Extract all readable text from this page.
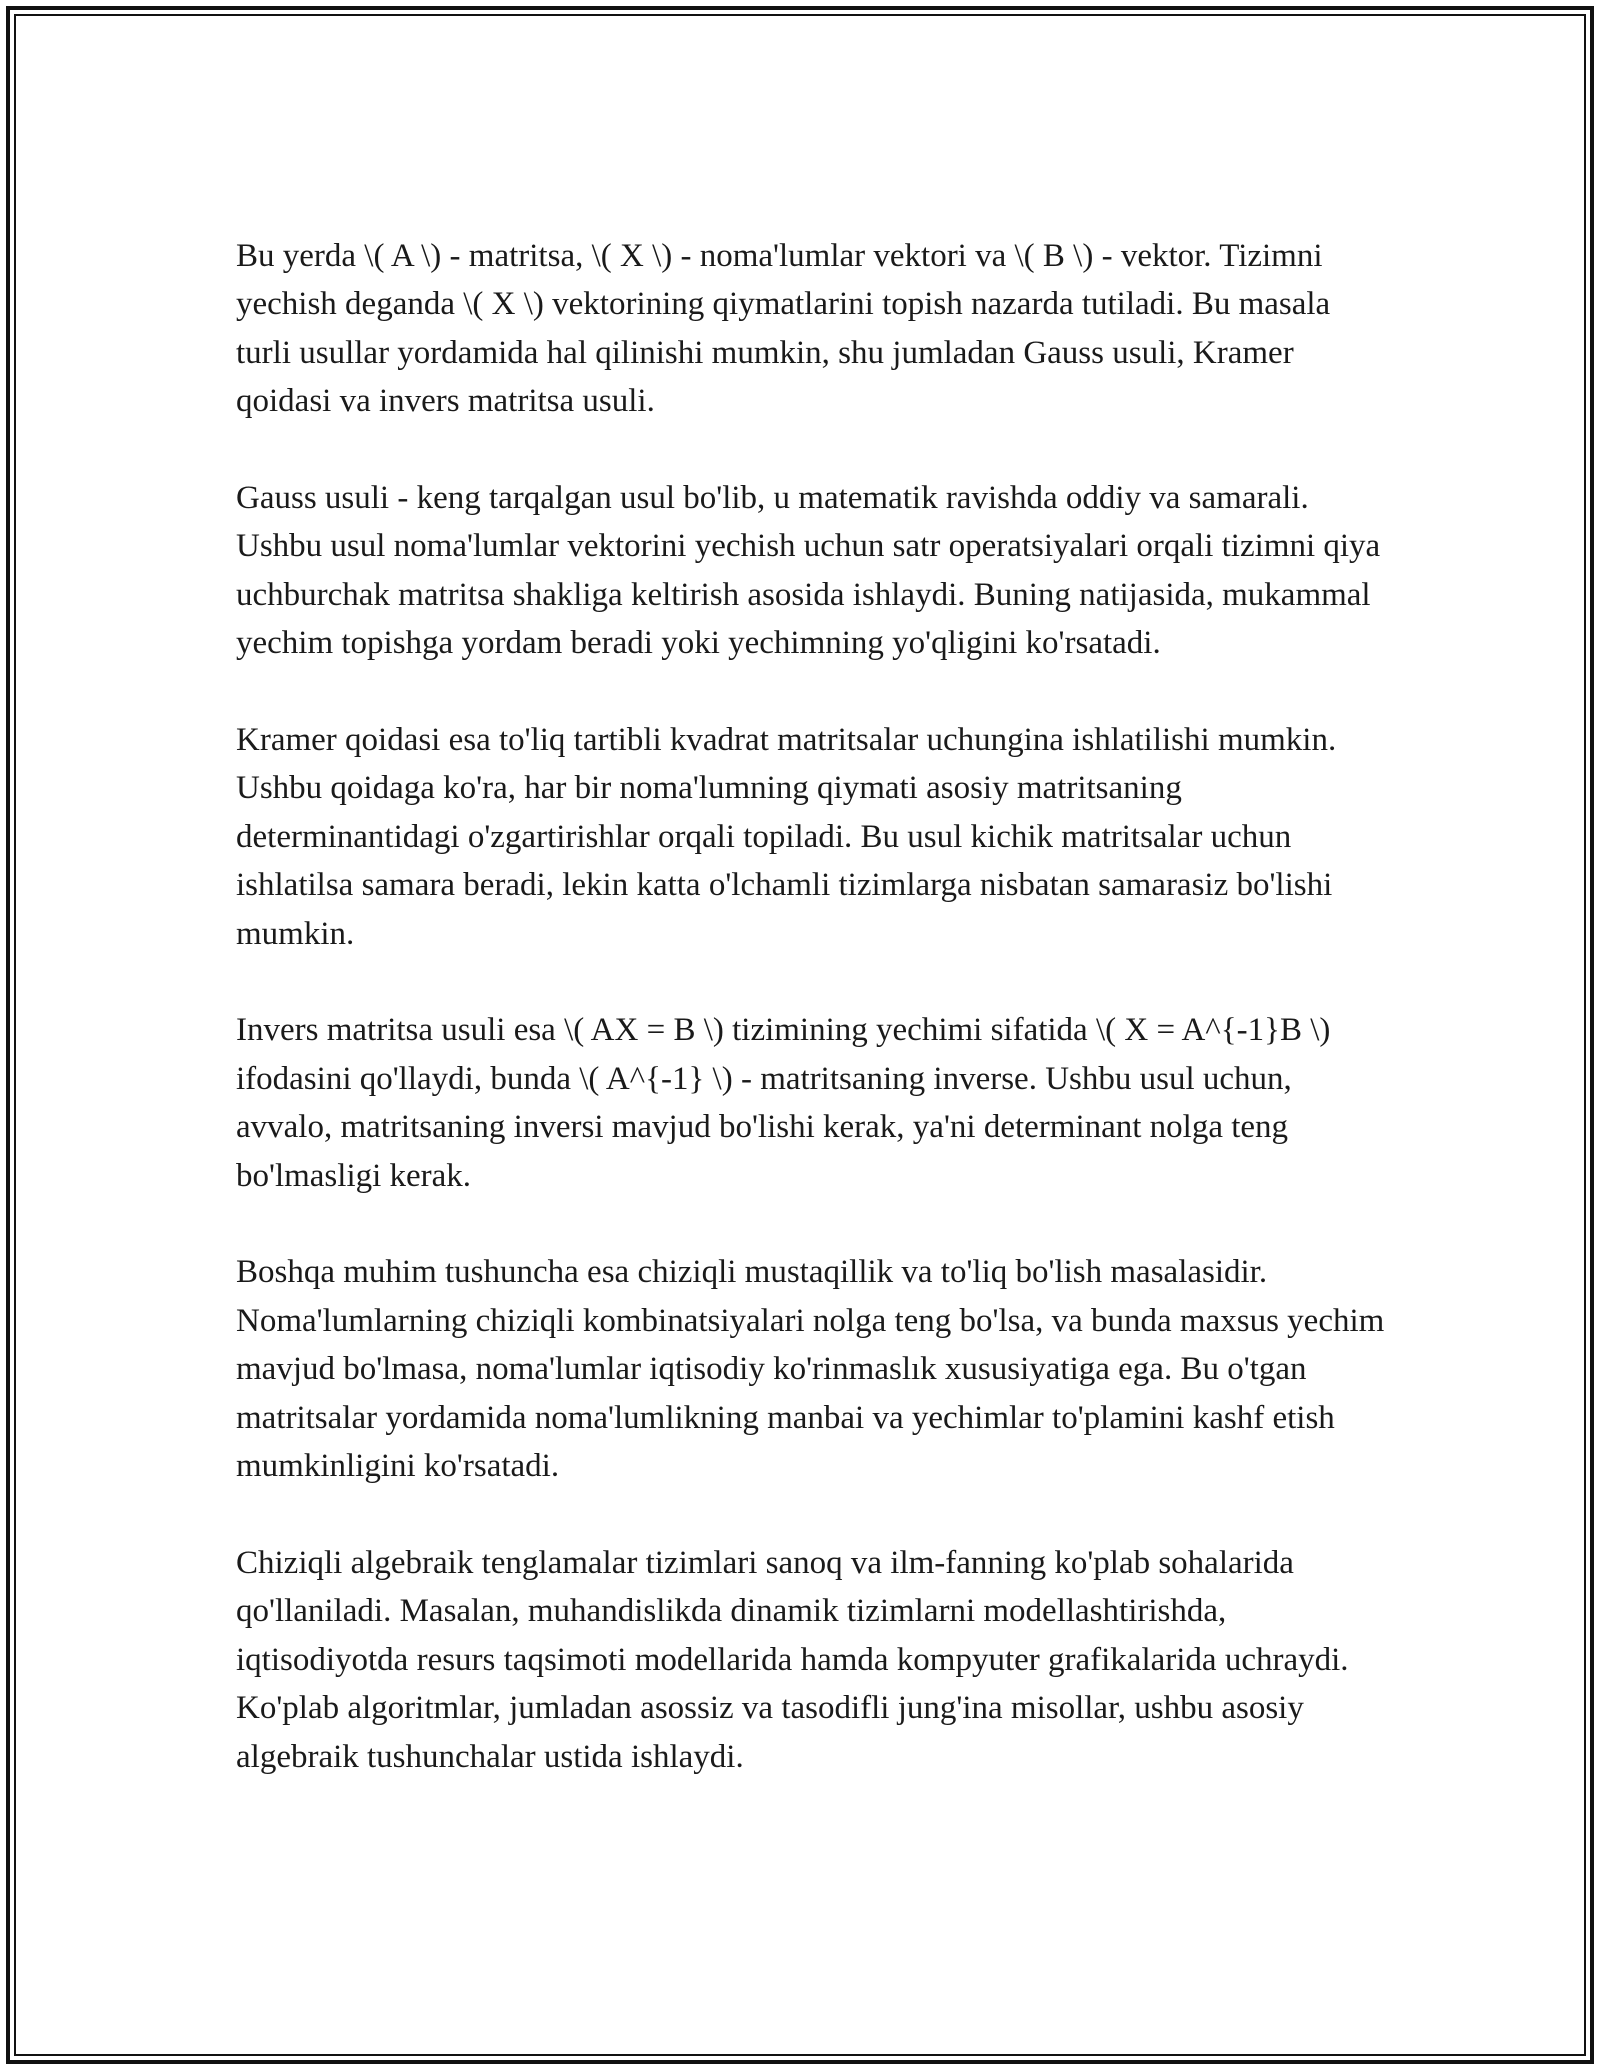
Bu yerda \( A \) - matritsa, \( X \) - noma'lumlar vektori va \( B \) - vektor. Tizimni yechish deganda \( X \) vektorining qiymatlarini topish nazarda tutiladi. Bu masala turli usullar yordamida hal qilinishi mumkin, shu jumladan Gauss usuli, Kramer qoidasi va invers matritsa usuli.

Gauss usuli - keng tarqalgan usul bo'lib, u matematik ravishda oddiy va samarali. Ushbu usul noma'lumlar vektorini yechish uchun satr operatsiyalari orqali tizimni qiya uchburchak matritsa shakliga keltirish asosida ishlaydi. Buning natijasida, mukammal yechim topishga yordam beradi yoki yechimning yo'qligini ko'rsatadi.

Kramer qoidasi esa to'liq tartibli kvadrat matritsalar uchungina ishlatilishi mumkin. Ushbu qoidaga ko'ra, har bir noma'lumning qiymati asosiy matritsaning determinantidagi o'zgartirishlar orqali topiladi. Bu usul kichik matritsalar uchun ishlatilsa samara beradi, lekin katta o'lchamli tizimlarga nisbatan samarasiz bo'lishi mumkin.

Invers matritsa usuli esa \( AX = B \) tizimining yechimi sifatida \( X = A^{-1}B \) ifodasini qo'llaydi, bunda \( A^{-1} \) - matritsaning inverse. Ushbu usul uchun, avvalo, matritsaning inversi mavjud bo'lishi kerak, ya'ni determinant nolga teng bo'lmasligi kerak.

Boshqa muhim tushuncha esa chiziqli mustaqillik va to'liq bo'lish masalasidir. Noma'lumlarning chiziqli kombinatsiyalari nolga teng bo'lsa, va bunda maxsus yechim mavjud bo'lmasa, noma'lumlar iqtisodiy ko'rinmaslık xususiyatiga ega. Bu o'tgan matritsalar yordamida noma'lumlikning manbai va yechimlar to'plamini kashf etish mumkinligini ko'rsatadi.

Chiziqli algebraik tenglamalar tizimlari sanoq va ilm-fanning ko'plab sohalarida qo'llaniladi. Masalan, muhandislikda dinamik tizimlarni modellashtirishda, iqtisodiyotda resurs taqsimoti modellarida hamda kompyuter grafikalarida uchraydi. Ko'plab algoritmlar, jumladan asossiz va tasodifli jung'ina misollar, ushbu asosiy algebraik tushunchalar ustida ishlaydi.
